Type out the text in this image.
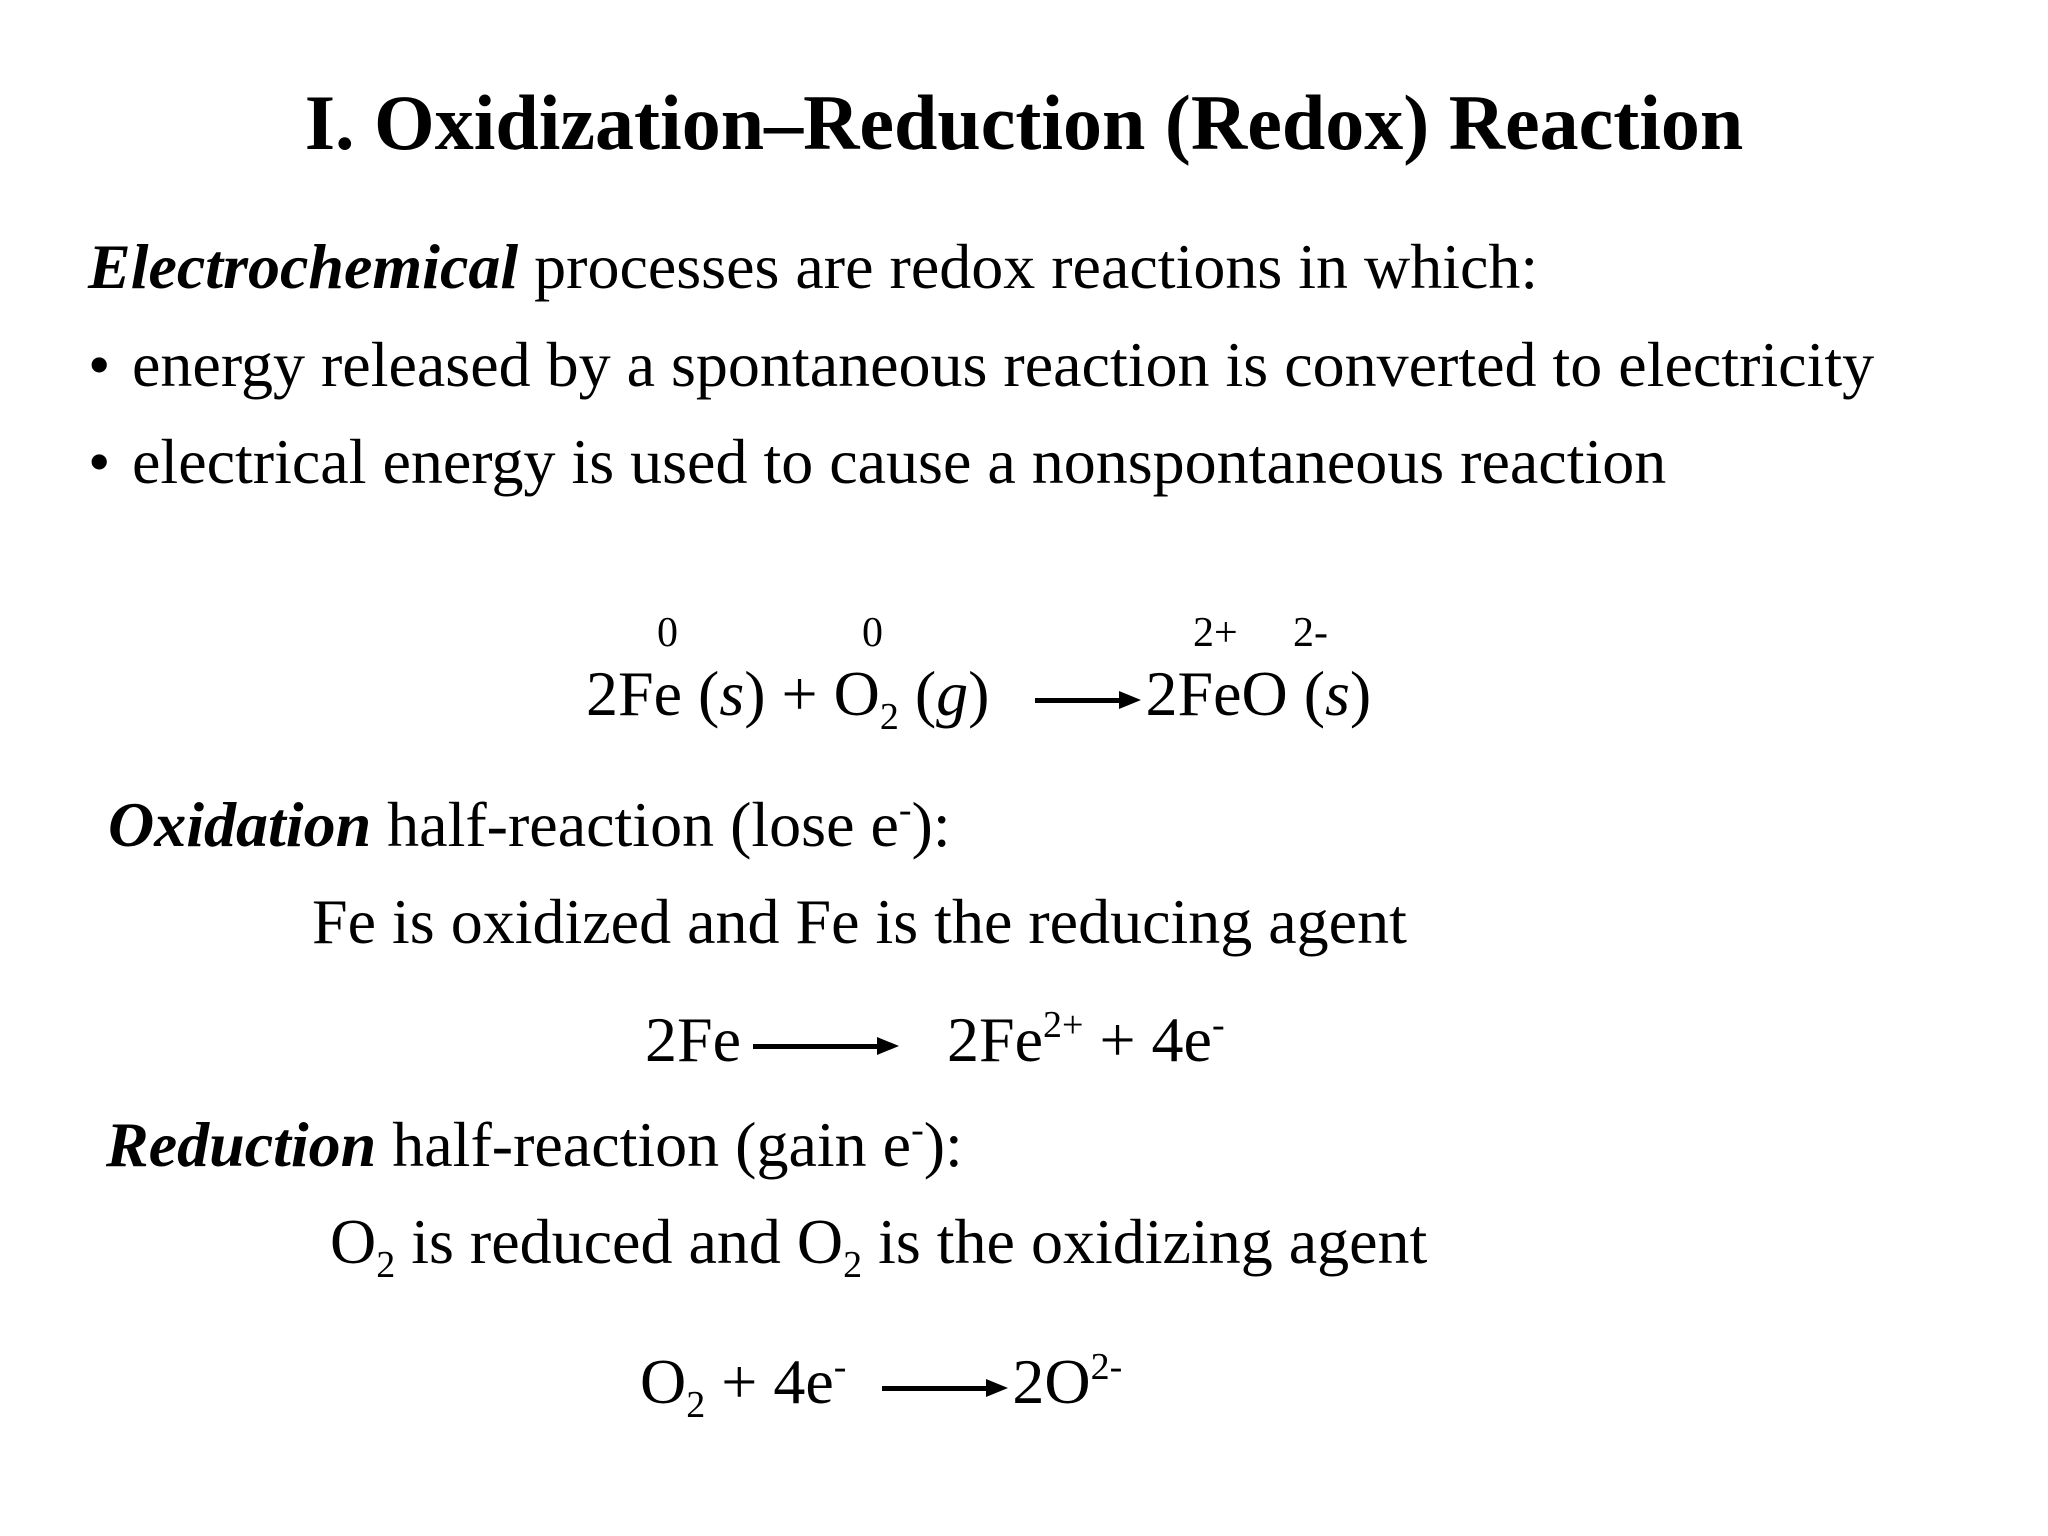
I. Oxidization–Reduction (Redox) Reaction
Electrochemical processes are redox reactions in which:
• energy released by a spontaneous reaction is converted to electricity
• electrical energy is used to cause a nonspontaneous reaction
0	0	2+ 2-
2Fe $(s) + O_2$ (g) 2FeO (s)
Oxidation half-reaction (lose e-):
Fe is oxidized and Fe is the reducing agent
2Fe	$2Fe^{2+} + 4e^-$
Reduction half-reaction (gain e-):
$O_2$ is reduced and $O_2$ is the oxidizing agent
$O_2 + 4e^-$	$2O^{2-}$
